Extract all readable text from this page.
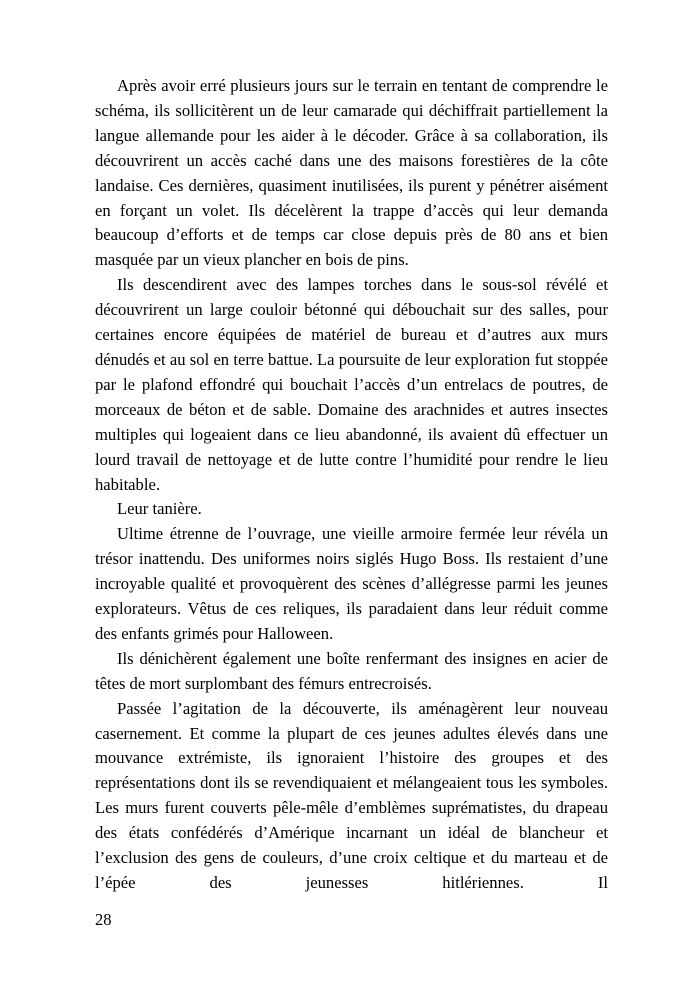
Après avoir erré plusieurs jours sur le terrain en tentant de comprendre le schéma, ils sollicitèrent un de leur camarade qui déchiffrait partiellement la langue allemande pour les aider à le décoder. Grâce à sa collaboration, ils découvrirent un accès caché dans une des maisons forestières de la côte landaise. Ces dernières, quasiment inutilisées, ils purent y pénétrer aisément en forçant un volet. Ils décelèrent la trappe d’accès qui leur demanda beaucoup d’efforts et de temps car close depuis près de 80 ans et bien masquée par un vieux plancher en bois de pins.

Ils descendirent avec des lampes torches dans le sous-sol révélé et découvrirent un large couloir bétonné qui débouchait sur des salles, pour certaines encore équipées de matériel de bureau et d’autres aux murs dénudés et au sol en terre battue. La poursuite de leur exploration fut stoppée par le plafond effondré qui bouchait l’accès d’un entrelacs de poutres, de morceaux de béton et de sable. Domaine des arachnides et autres insectes multiples qui logeaient dans ce lieu abandonné, ils avaient dû effectuer un lourd travail de nettoyage et de lutte contre l’humidité pour rendre le lieu habitable.

Leur tanière.

Ultime étrenne de l’ouvrage, une vieille armoire fermée leur révéla un trésor inattendu. Des uniformes noirs siglés Hugo Boss. Ils restaient d’une incroyable qualité et provoquèrent des scènes d’allégresse parmi les jeunes explorateurs. Vêtus de ces reliques, ils paradaient dans leur réduit comme des enfants grimés pour Halloween.

Ils dénichèrent également une boîte renfermant des insignes en acier de têtes de mort surplombant des fémurs entrecroisés.

Passée l’agitation de la découverte, ils aménagèrent leur nouveau casernement. Et comme la plupart de ces jeunes adultes élevés dans une mouvance extrémiste, ils ignoraient l’histoire des groupes et des représentations dont ils se revendiquaient et mélangeaient tous les symboles. Les murs furent couverts pêle-mêle d’emblèmes suprématistes, du drapeau des états confédérés d’Amérique incarnant un idéal de blancheur et l’exclusion des gens de couleurs, d’une croix celtique et du marteau et de l’épée des jeunesses hitlériennes. Il

28
